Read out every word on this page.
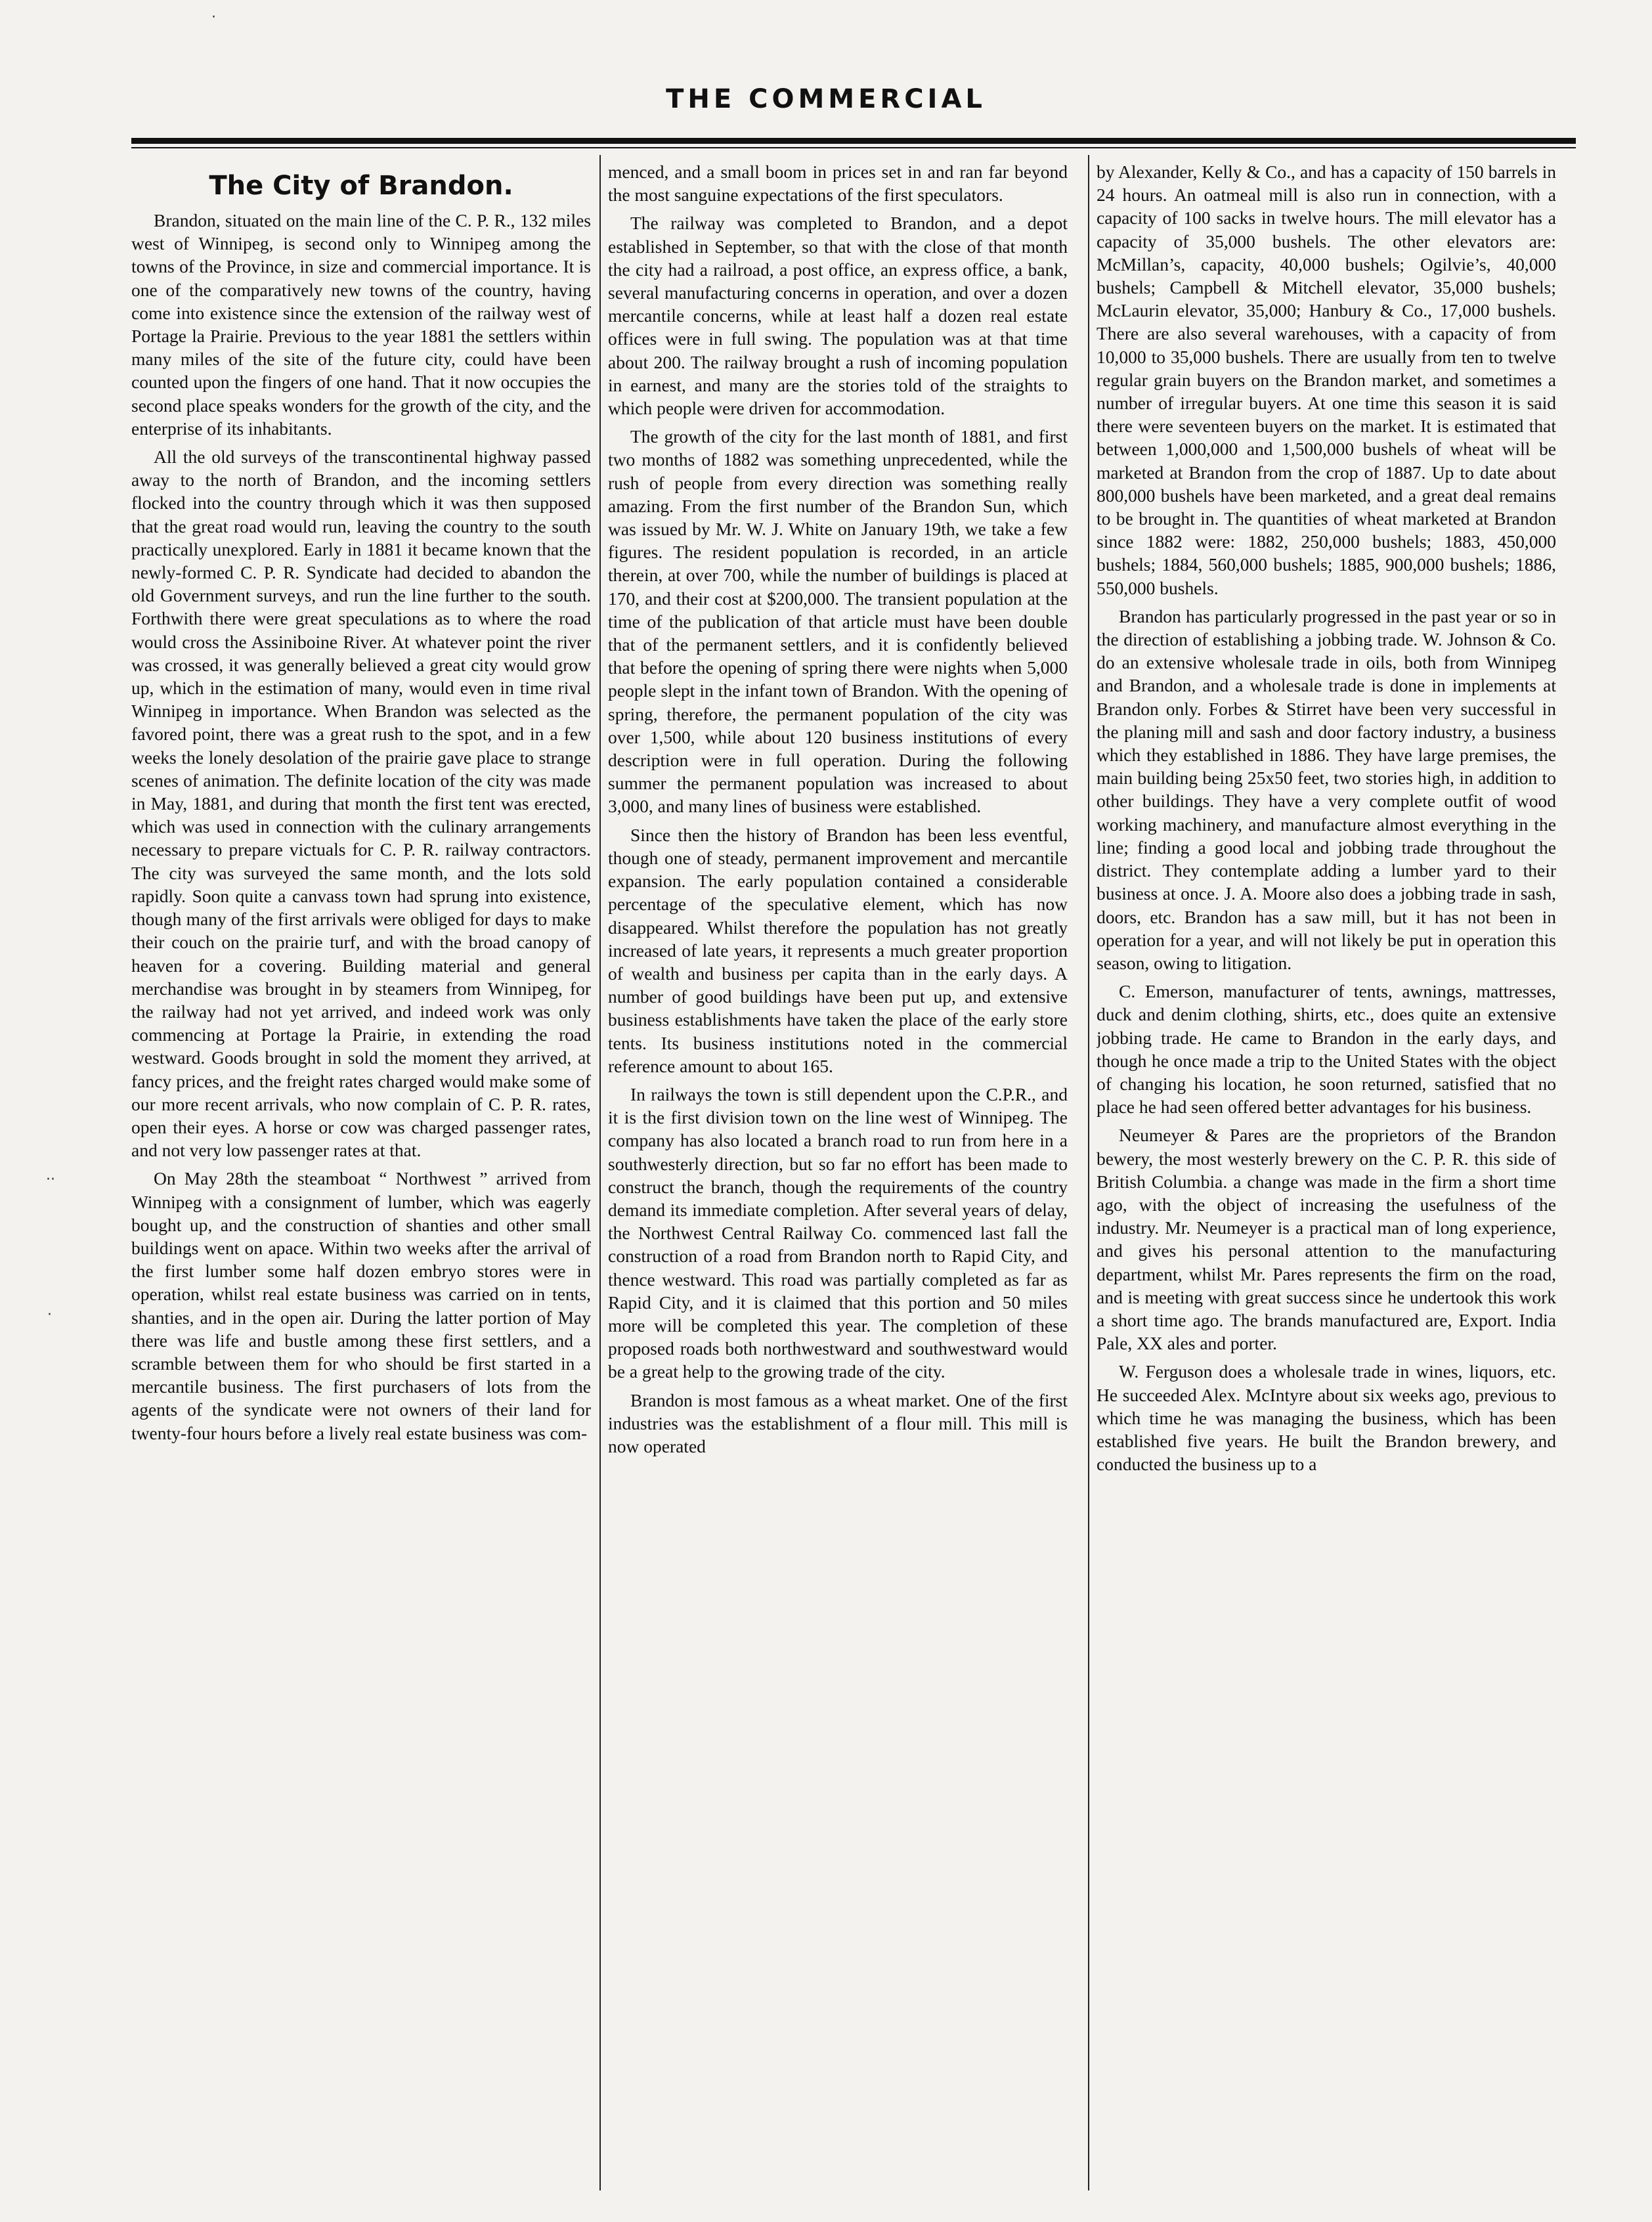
THE COMMERCIAL
·
··
·
The City of Brandon.

Brandon, situated on the main line of the C. P. R., 132 miles west of Winnipeg, is second only to Winnipeg among the towns of the Province, in size and commercial importance. It is one of the comparatively new towns of the country, having come into existence since the extension of the railway west of Portage la Prairie. Previous to the year 1881 the settlers within many miles of the site of the future city, could have been counted upon the fingers of one hand. That it now occupies the second place speaks wonders for the growth of the city, and the enterprise of its inhabitants.

All the old surveys of the transcontinental highway passed away to the north of Brandon, and the incoming settlers flocked into the country through which it was then supposed that the great road would run, leaving the country to the south practically unexplored. Early in 1881 it became known that the newly-formed C. P. R. Syndicate had decided to abandon the old Government surveys, and run the line further to the south. Forthwith there were great speculations as to where the road would cross the Assiniboine River. At whatever point the river was crossed, it was generally believed a great city would grow up, which in the estimation of many, would even in time rival Winnipeg in importance. When Brandon was selected as the favored point, there was a great rush to the spot, and in a few weeks the lonely desolation of the prairie gave place to strange scenes of animation. The definite location of the city was made in May, 1881, and during that month the first tent was erected, which was used in connection with the culinary arrangements necessary to prepare victuals for C. P. R. railway contractors. The city was surveyed the same month, and the lots sold rapidly. Soon quite a canvass town had sprung into existence, though many of the first arrivals were obliged for days to make their couch on the prairie turf, and with the broad canopy of heaven for a covering. Building material and general merchandise was brought in by steamers from Winnipeg, for the railway had not yet arrived, and indeed work was only commencing at Portage la Prairie, in extending the road westward. Goods brought in sold the moment they arrived, at fancy prices, and the freight rates charged would make some of our more recent arrivals, who now complain of C. P. R. rates, open their eyes. A horse or cow was charged passenger rates, and not very low passenger rates at that.

On May 28th the steamboat “ Northwest ” arrived from Winnipeg with a consignment of lumber, which was eagerly bought up, and the construction of shanties and other small buildings went on apace. Within two weeks after the arrival of the first lumber some half dozen embryo stores were in operation, whilst real estate business was carried on in tents, shanties, and in the open air. During the latter portion of May there was life and bustle among these first settlers, and a scramble between them for who should be first started in a mercantile business. The first purchasers of lots from the agents of the syndicate were not owners of their land for twenty-four hours before a lively real estate business was com-

menced, and a small boom in prices set in and ran far beyond the most sanguine expectations of the first speculators.

The railway was completed to Brandon, and a depot established in September, so that with the close of that month the city had a railroad, a post office, an express office, a bank, several manufacturing concerns in operation, and over a dozen mercantile concerns, while at least half a dozen real estate offices were in full swing. The population was at that time about 200. The railway brought a rush of incoming population in earnest, and many are the stories told of the straights to which people were driven for accommodation.

The growth of the city for the last month of 1881, and first two months of 1882 was something unprecedented, while the rush of people from every direction was something really amazing. From the first number of the Brandon Sun, which was issued by Mr. W. J. White on January 19th, we take a few figures. The resident population is recorded, in an article therein, at over 700, while the number of buildings is placed at 170, and their cost at $200,000. The transient population at the time of the publication of that article must have been double that of the permanent settlers, and it is confidently believed that before the opening of spring there were nights when 5,000 people slept in the infant town of Brandon. With the opening of spring, therefore, the permanent population of the city was over 1,500, while about 120 business institutions of every description were in full operation. During the following summer the permanent population was increased to about 3,000, and many lines of business were established.

Since then the history of Brandon has been less eventful, though one of steady, permanent improvement and mercantile expansion. The early population contained a considerable percentage of the speculative element, which has now disappeared. Whilst therefore the population has not greatly increased of late years, it represents a much greater proportion of wealth and business per capita than in the early days. A number of good buildings have been put up, and extensive business establishments have taken the place of the early store tents. Its business institutions noted in the commercial reference amount to about 165.

In railways the town is still dependent upon the C.P.R., and it is the first division town on the line west of Winnipeg. The company has also located a branch road to run from here in a southwesterly direction, but so far no effort has been made to construct the branch, though the requirements of the country demand its immediate completion. After several years of delay, the Northwest Central Railway Co. commenced last fall the construction of a road from Brandon north to Rapid City, and thence westward. This road was partially completed as far as Rapid City, and it is claimed that this portion and 50 miles more will be completed this year. The completion of these proposed roads both northwestward and southwestward would be a great help to the growing trade of the city.

Brandon is most famous as a wheat market. One of the first industries was the establishment of a flour mill. This mill is now operated

by Alexander, Kelly & Co., and has a capacity of 150 barrels in 24 hours. An oatmeal mill is also run in connection, with a capacity of 100 sacks in twelve hours. The mill elevator has a capacity of 35,000 bushels. The other elevators are: McMillan’s, capacity, 40,000 bushels; Ogilvie’s, 40,000 bushels; Campbell & Mitchell elevator, 35,000 bushels; McLaurin elevator, 35,000; Hanbury & Co., 17,000 bushels. There are also several warehouses, with a capacity of from 10,000 to 35,000 bushels. There are usually from ten to twelve regular grain buyers on the Brandon market, and sometimes a number of irregular buyers. At one time this season it is said there were seventeen buyers on the market. It is estimated that between 1,000,000 and 1,500,000 bushels of wheat will be marketed at Brandon from the crop of 1887. Up to date about 800,000 bushels have been marketed, and a great deal remains to be brought in. The quantities of wheat marketed at Brandon since 1882 were: 1882, 250,000 bushels; 1883, 450,000 bushels; 1884, 560,000 bushels; 1885, 900,000 bushels; 1886, 550,000 bushels.

Brandon has particularly progressed in the past year or so in the direction of establishing a jobbing trade. W. Johnson & Co. do an extensive wholesale trade in oils, both from Winnipeg and Brandon, and a wholesale trade is done in implements at Brandon only. Forbes & Stirret have been very successful in the planing mill and sash and door factory industry, a business which they established in 1886. They have large premises, the main building being 25x50 feet, two stories high, in addition to other buildings. They have a very complete outfit of wood working machinery, and manufacture almost everything in the line; finding a good local and jobbing trade throughout the district. They contemplate adding a lumber yard to their business at once. J. A. Moore also does a jobbing trade in sash, doors, etc. Brandon has a saw mill, but it has not been in operation for a year, and will not likely be put in operation this season, owing to litigation.

C. Emerson, manufacturer of tents, awnings, mattresses, duck and denim clothing, shirts, etc., does quite an extensive jobbing trade. He came to Brandon in the early days, and though he once made a trip to the United States with the object of changing his location, he soon returned, satisfied that no place he had seen offered better advantages for his business.

Neumeyer & Pares are the proprietors of the Brandon bewery, the most westerly brewery on the C. P. R. this side of British Columbia. a change was made in the firm a short time ago, with the object of increasing the usefulness of the industry. Mr. Neumeyer is a practical man of long experience, and gives his personal attention to the manufacturing department, whilst Mr. Pares represents the firm on the road, and is meeting with great success since he undertook this work a short time ago. The brands manufactured are, Export. India Pale, XX ales and porter.

W. Ferguson does a wholesale trade in wines, liquors, etc. He succeeded Alex. McIntyre about six weeks ago, previous to which time he was managing the business, which has been established five years. He built the Brandon brewery, and conducted the business up to a
